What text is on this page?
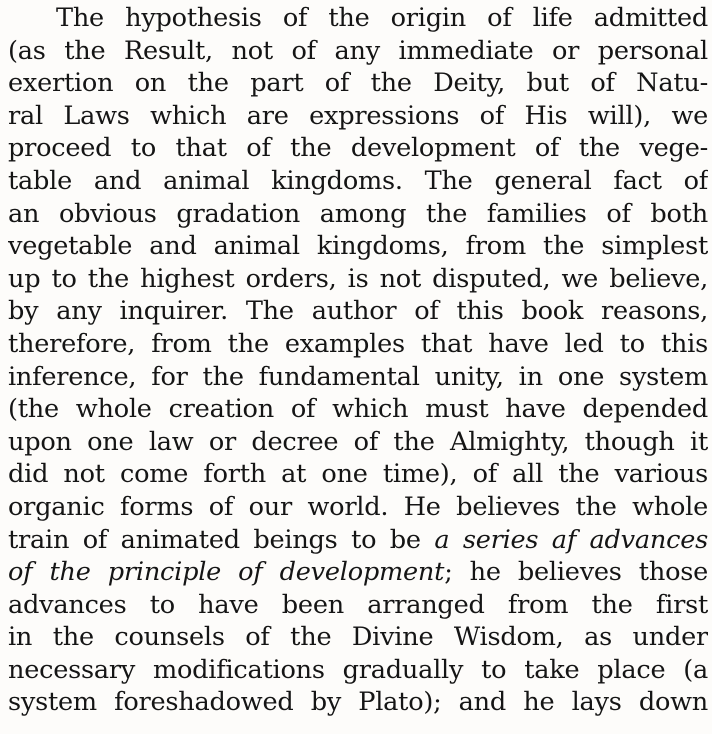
The hypothesis of the origin of life admitted
(as the Result, not of any immediate or personal
exertion on the part of the Deity, but of Natu-
ral Laws which are expressions of His will), we
proceed to that of the development of the vege-
table and animal kingdoms. The general fact of
an obvious gradation among the families of both
vegetable and animal kingdoms, from the simplest
up to the highest orders, is not disputed, we believe,
by any inquirer. The author of this book reasons,
therefore, from the examples that have led to this
inference, for the fundamental unity, in one system
(the whole creation of which must have depended
upon one law or decree of the Almighty, though it
did not come forth at one time), of all the various
organic forms of our world. He believes the whole
train of animated beings to be a series af advances
of the principle of development; he believes those
advances to have been arranged from the first
in the counsels of the Divine Wisdom, as under
necessary modifications gradually to take place (a
system foreshadowed by Plato); and he lays down
